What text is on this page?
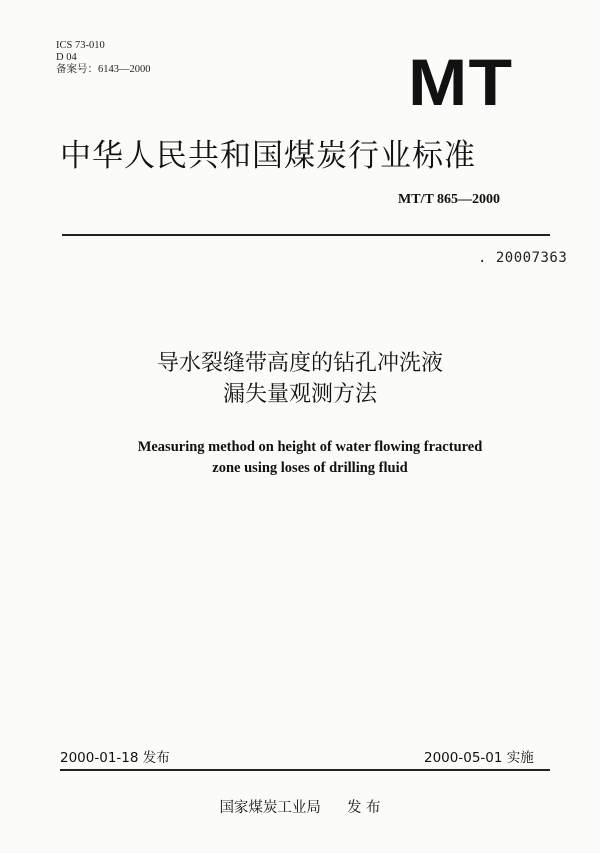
ICS 73-010
D 04
备案号：6143—2000	MT
中华人民共和国煤炭行业标准
MT/T 865—2000
. 20007363
导水裂缝带高度的钻孔冲洗液
漏失量观测方法
Measuring method on height of water flowing fractured
zone using loses of drilling fluid
2000-01-18 发布	2000-05-01 实施
国家煤炭工业局 发 布
